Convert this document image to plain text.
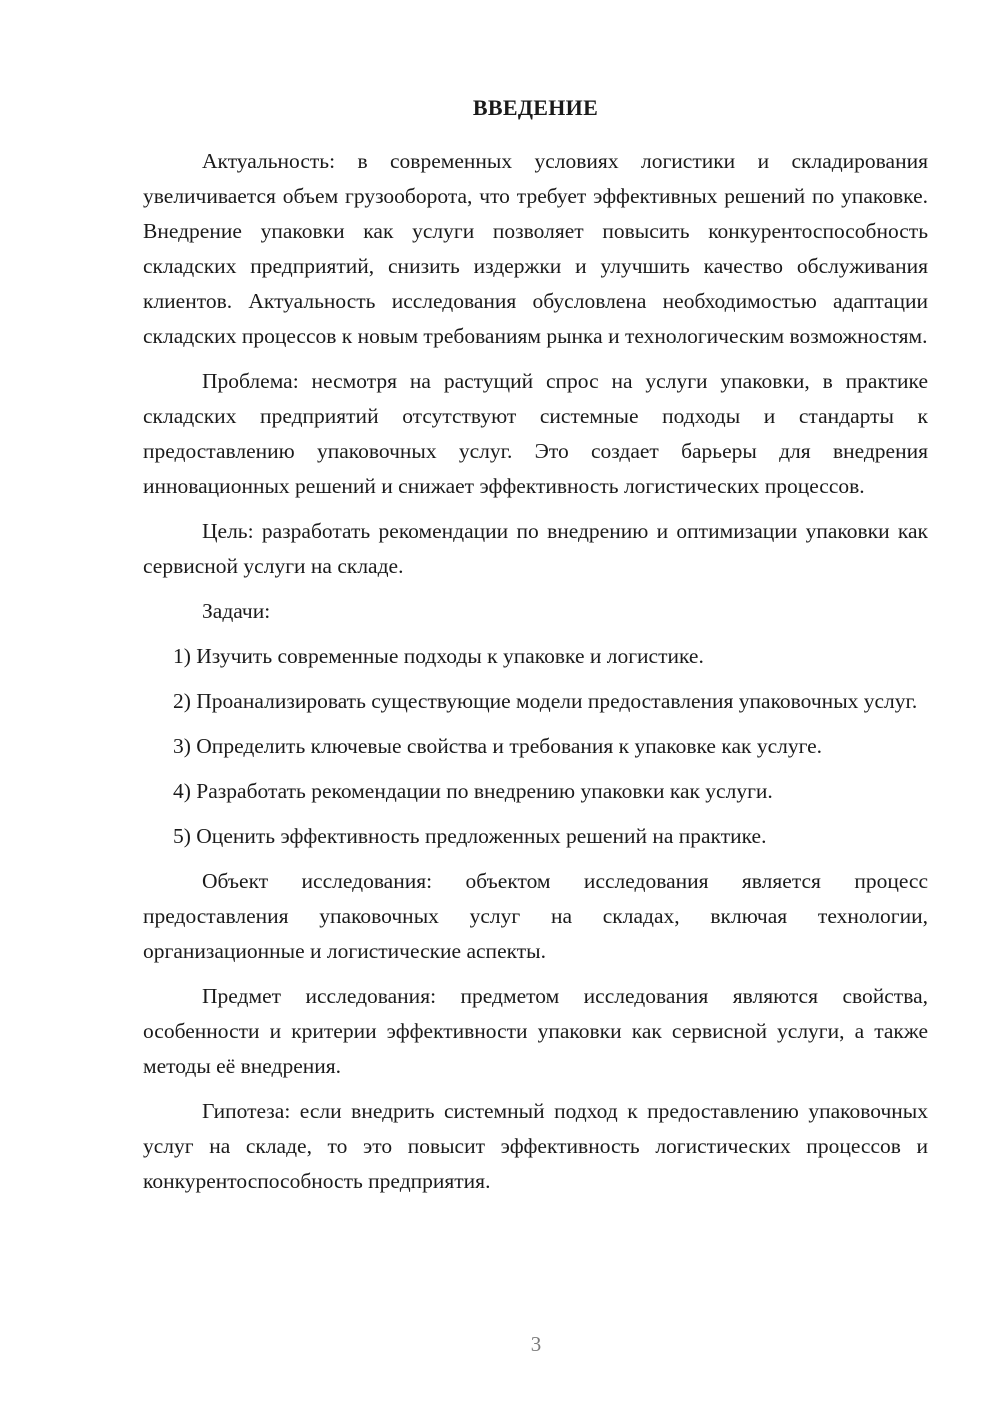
ВВЕДЕНИЕ

Актуальность: в современных условиях логистики и складирования увеличивается объем грузооборота, что требует эффективных решений по упаковке. Внедрение упаковки как услуги позволяет повысить конкурентоспособность складских предприятий, снизить издержки и улучшить качество обслуживания клиентов. Актуальность исследования обусловлена необходимостью адаптации складских процессов к новым требованиям рынка и технологическим возможностям.

Проблема: несмотря на растущий спрос на услуги упаковки, в практике складских предприятий отсутствуют системные подходы и стандарты к предоставлению упаковочных услуг. Это создает барьеры для внедрения инновационных решений и снижает эффективность логистических процессов.

Цель: разработать рекомендации по внедрению и оптимизации упаковки как сервисной услуги на складе.

Задачи:

1) Изучить современные подходы к упаковке и логистике.

2) Проанализировать существующие модели предоставления упаковочных услуг.

3) Определить ключевые свойства и требования к упаковке как услуге.

4) Разработать рекомендации по внедрению упаковки как услуги.

5) Оценить эффективность предложенных решений на практике.

Объект исследования: объектом исследования является процесс предоставления упаковочных услуг на складах, включая технологии, организационные и логистические аспекты.

Предмет исследования: предметом исследования являются свойства, особенности и критерии эффективности упаковки как сервисной услуги, а также методы её внедрения.

Гипотеза: если внедрить системный подход к предоставлению упаковочных услуг на складе, то это повысит эффективность логистических процессов и конкурентоспособность предприятия.

3
